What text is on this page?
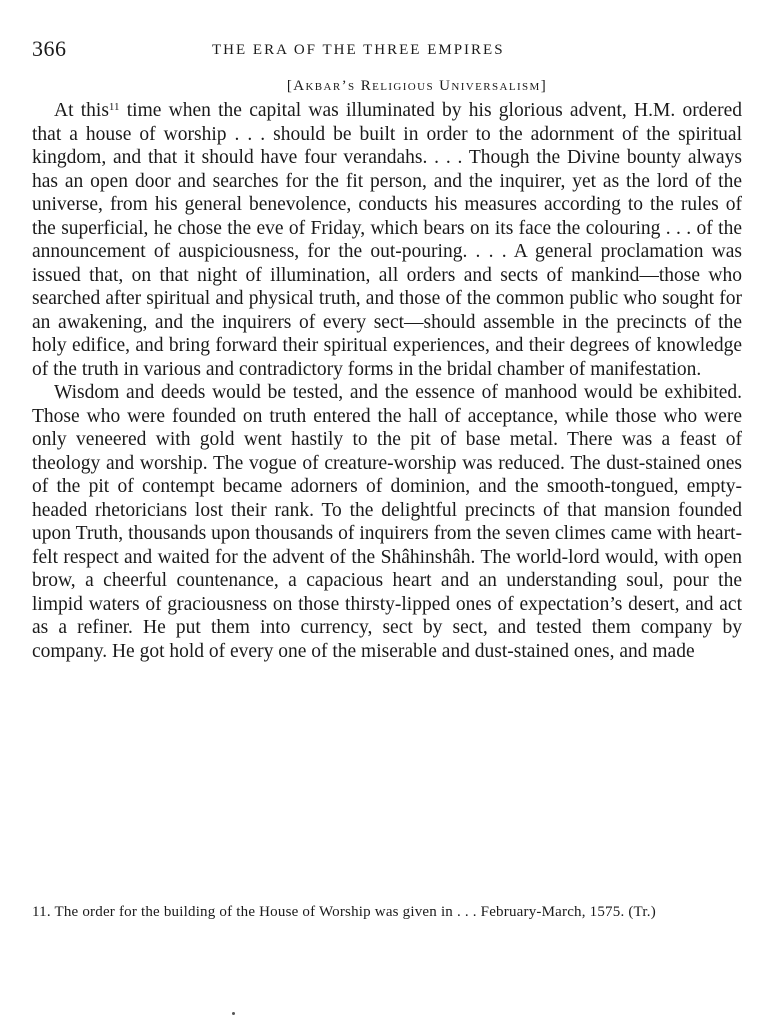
366	THE ERA OF THE THREE EMPIRES
[Akbar’s Religious Universalism]

At this$^{11}$ time when the capital was illuminated by his glorious advent, H.M. ordered that a house of worship . . . should be built in order to the adornment of the spiritual kingdom, and that it should have four verandahs. . . . Though the Divine bounty always has an open door and searches for the fit person, and the inquirer, yet as the lord of the universe, from his general benevolence, conducts his measures according to the rules of the superficial, he chose the eve of Friday, which bears on its face the colouring . . . of the announcement of auspiciousness, for the out-pouring. . . . A general proclamation was issued that, on that night of illumination, all orders and sects of mankind—those who searched after spiritual and physical truth, and those of the common public who sought for an awakening, and the inquirers of every sect—should assemble in the precincts of the holy edifice, and bring forward their spiritual experiences, and their degrees of knowledge of the truth in various and contradictory forms in the bridal chamber of manifestation.

Wisdom and deeds would be tested, and the essence of manhood would be exhibited. Those who were founded on truth entered the hall of acceptance, while those who were only veneered with gold went hastily to the pit of base metal. There was a feast of theology and worship. The vogue of creature-worship was reduced. The dust-stained ones of the pit of contempt became adorners of dominion, and the smooth-tongued, empty-headed rhetoricians lost their rank. To the delightful precincts of that mansion founded upon Truth, thousands upon thousands of inquirers from the seven climes came with heartfelt respect and waited for the advent of the Shâhinshâh. The world-lord would, with open brow, a cheerful countenance, a capacious heart and an understanding soul, pour the limpid waters of graciousness on those thirsty-lipped ones of expectation’s desert, and act as a refiner. He put them into currency, sect by sect, and tested them company by company. He got hold of every one of the miserable and dust-stained ones, and made

11. The order for the building of the House of Worship was given in . . . February-March, 1575. (Tr.)
